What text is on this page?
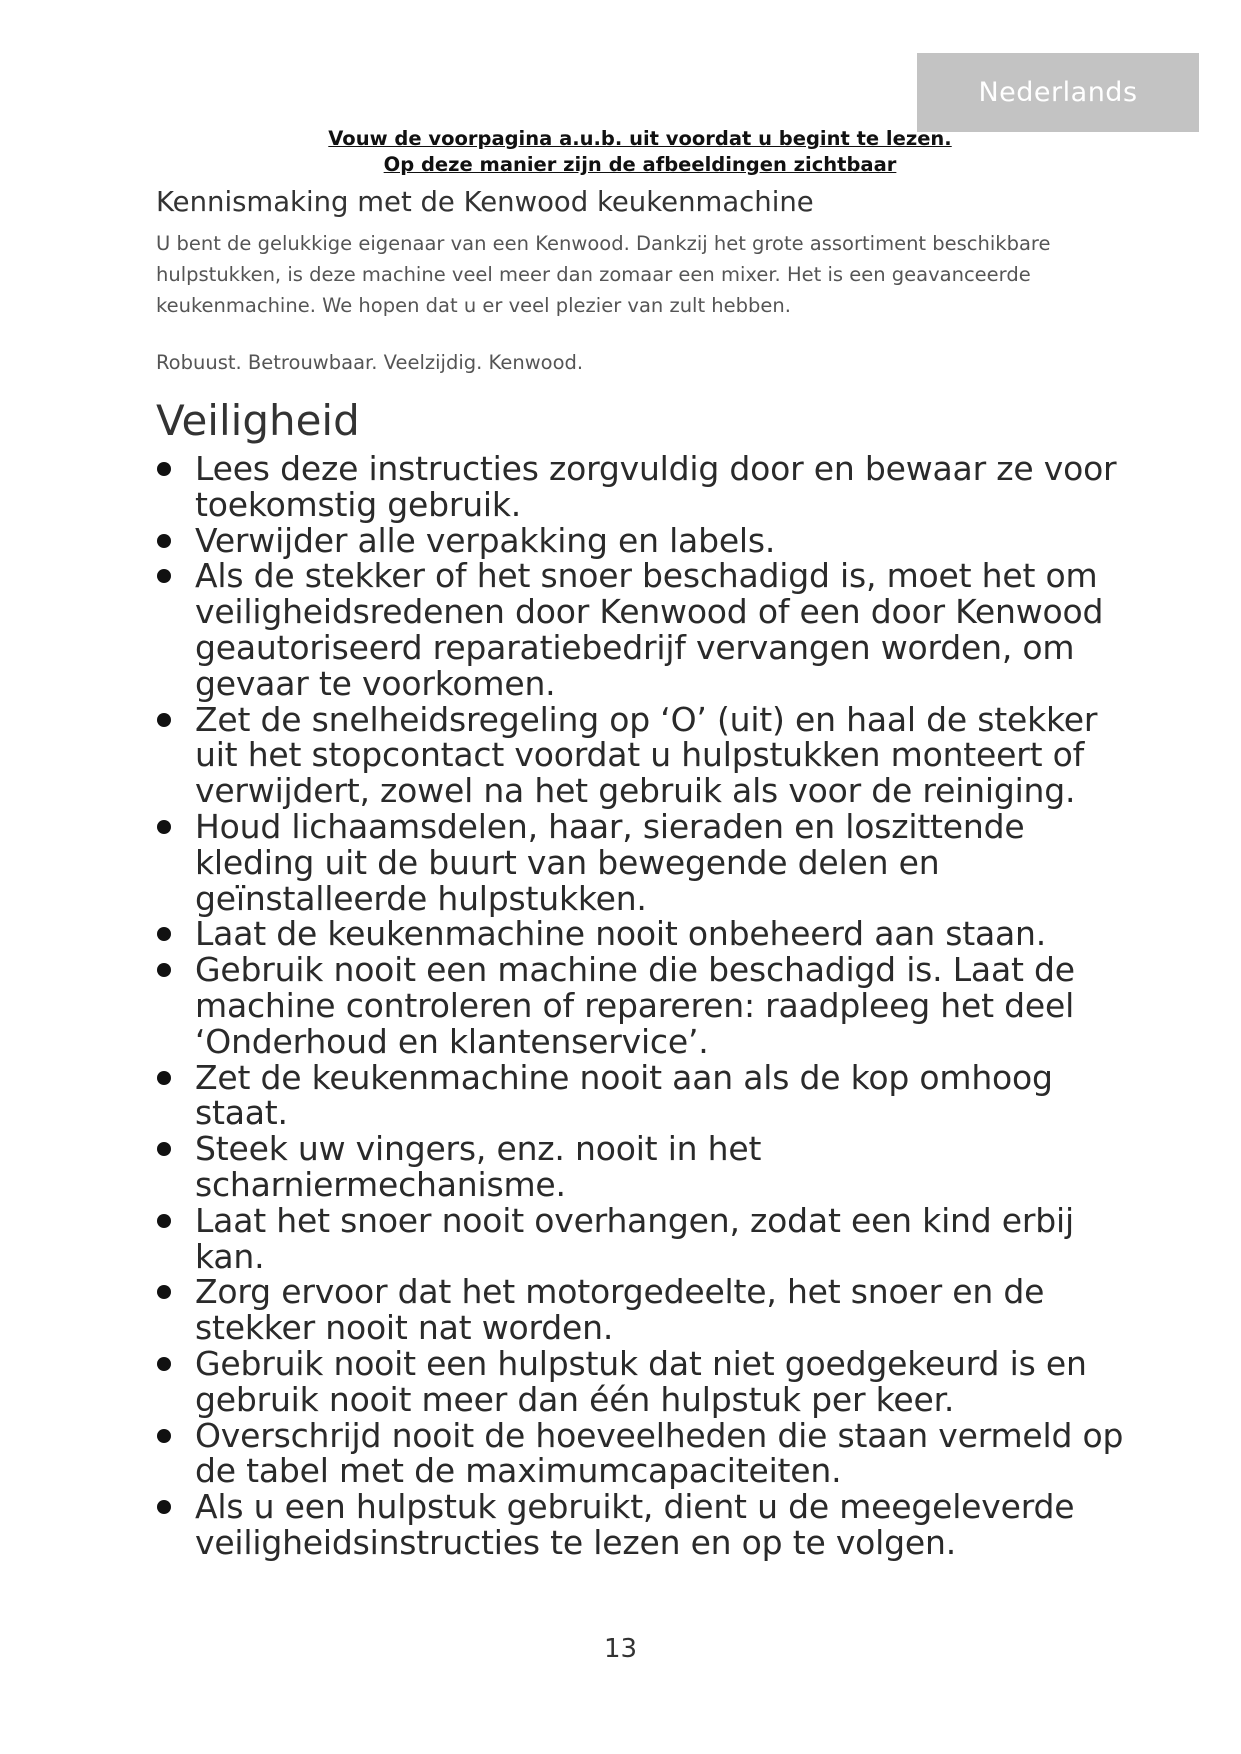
Nederlands
Vouw de voorpagina a.u.b. uit voordat u begint te lezen.
Op deze manier zijn de afbeeldingen zichtbaar
Kennismaking met de Kenwood keukenmachine

U bent de gelukkige eigenaar van een Kenwood. Dankzij het grote assortiment beschikbare hulpstukken, is deze machine veel meer dan zomaar een mixer. Het is een geavanceerde keukenmachine. We hopen dat u er veel plezier van zult hebben.

Robuust. Betrouwbaar. Veelzijdig. Kenwood.

Veiligheid
Lees deze instructies zorgvuldig door en bewaar ze voor toekomstig gebruik.
Verwijder alle verpakking en labels.
Als de stekker of het snoer beschadigd is, moet het om veiligheidsredenen door Kenwood of een door Kenwood geautoriseerd reparatiebedrijf vervangen worden, om gevaar te voorkomen.
Zet de snelheidsregeling op ‘O’ (uit) en haal de stekker uit het stopcontact voordat u hulpstukken monteert of verwijdert, zowel na het gebruik als voor de reiniging.
Houd lichaamsdelen, haar, sieraden en loszittende kleding uit de buurt van bewegende delen en geïnstalleerde hulpstukken.
Laat de keukenmachine nooit onbeheerd aan staan.
Gebruik nooit een machine die beschadigd is. Laat de machine controleren of repareren: raadpleeg het deel ‘Onderhoud en klantenservice’.
Zet de keukenmachine nooit aan als de kop omhoog staat.
Steek uw vingers, enz. nooit in het scharniermechanisme.
Laat het snoer nooit overhangen, zodat een kind erbij kan.
Zorg ervoor dat het motorgedeelte, het snoer en de stekker nooit nat worden.
Gebruik nooit een hulpstuk dat niet goedgekeurd is en gebruik nooit meer dan één hulpstuk per keer.
Overschrijd nooit de hoeveelheden die staan vermeld op de tabel met de maximumcapaciteiten.
Als u een hulpstuk gebruikt, dient u de meegeleverde veiligheidsinstructies te lezen en op te volgen.
13
